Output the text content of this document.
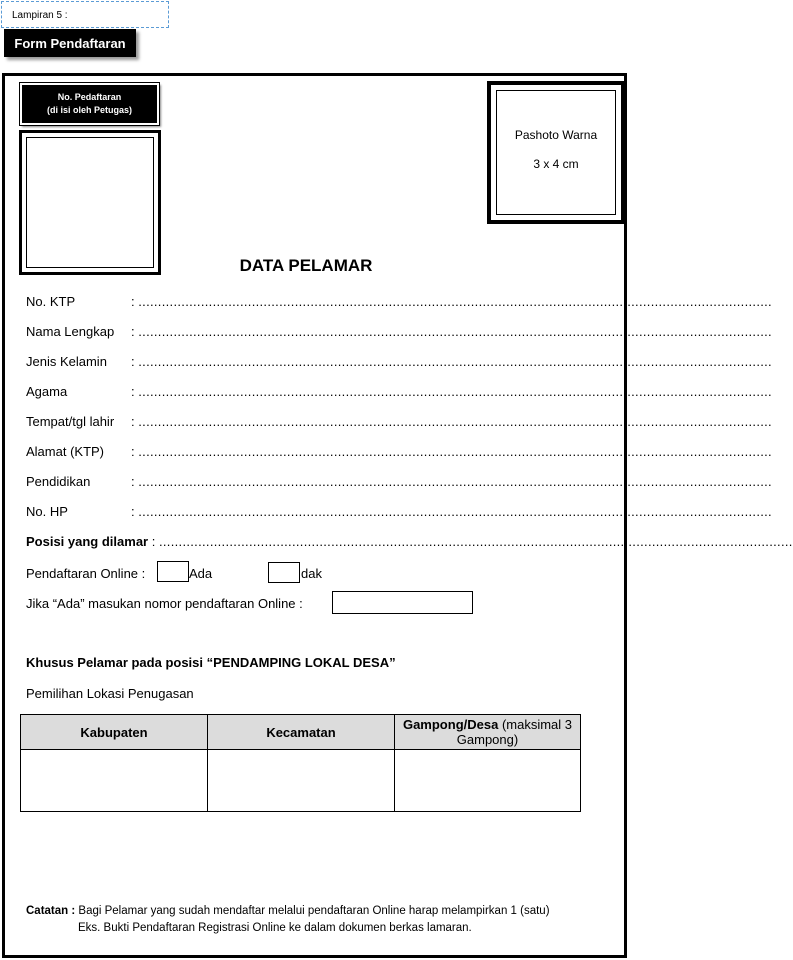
Lampiran 5 :
Form Pendaftaran
No. Pedaftaran
(di isi oleh Petugas)
Pashoto Warna
3 x 4 cm
DATA PELAMAR
No. KTP	: ..................................................................................................................................................................
Nama Lengkap : ..................................................................................................................................................................
Jenis Kelamin : ..................................................................................................................................................................
Agama	: ..................................................................................................................................................................
Tempat/tgl lahir : ..................................................................................................................................................................
Alamat (KTP) : ..................................................................................................................................................................
Pendidikan	: ..................................................................................................................................................................
No. HP	: ..................................................................................................................................................................
Posisi yang dilamar : ..................................................................................................................................................................
Pendaftaran Online :	Ada	dak
Jika “Ada” masukan nomor pendaftaran Online :
Khusus Pelamar pada posisi “PENDAMPING LOKAL DESA”
Pemilihan Lokasi Penugasan
Kabupaten	Kecamatan	Gampong/Desa (maksimal 3 Gampong)

Catatan : Bagi Pelamar yang sudah mendaftar melalui pendaftaran Online harap melampirkan 1 (satu)
Eks. Bukti Pendaftaran Registrasi Online ke dalam dokumen berkas lamaran.
